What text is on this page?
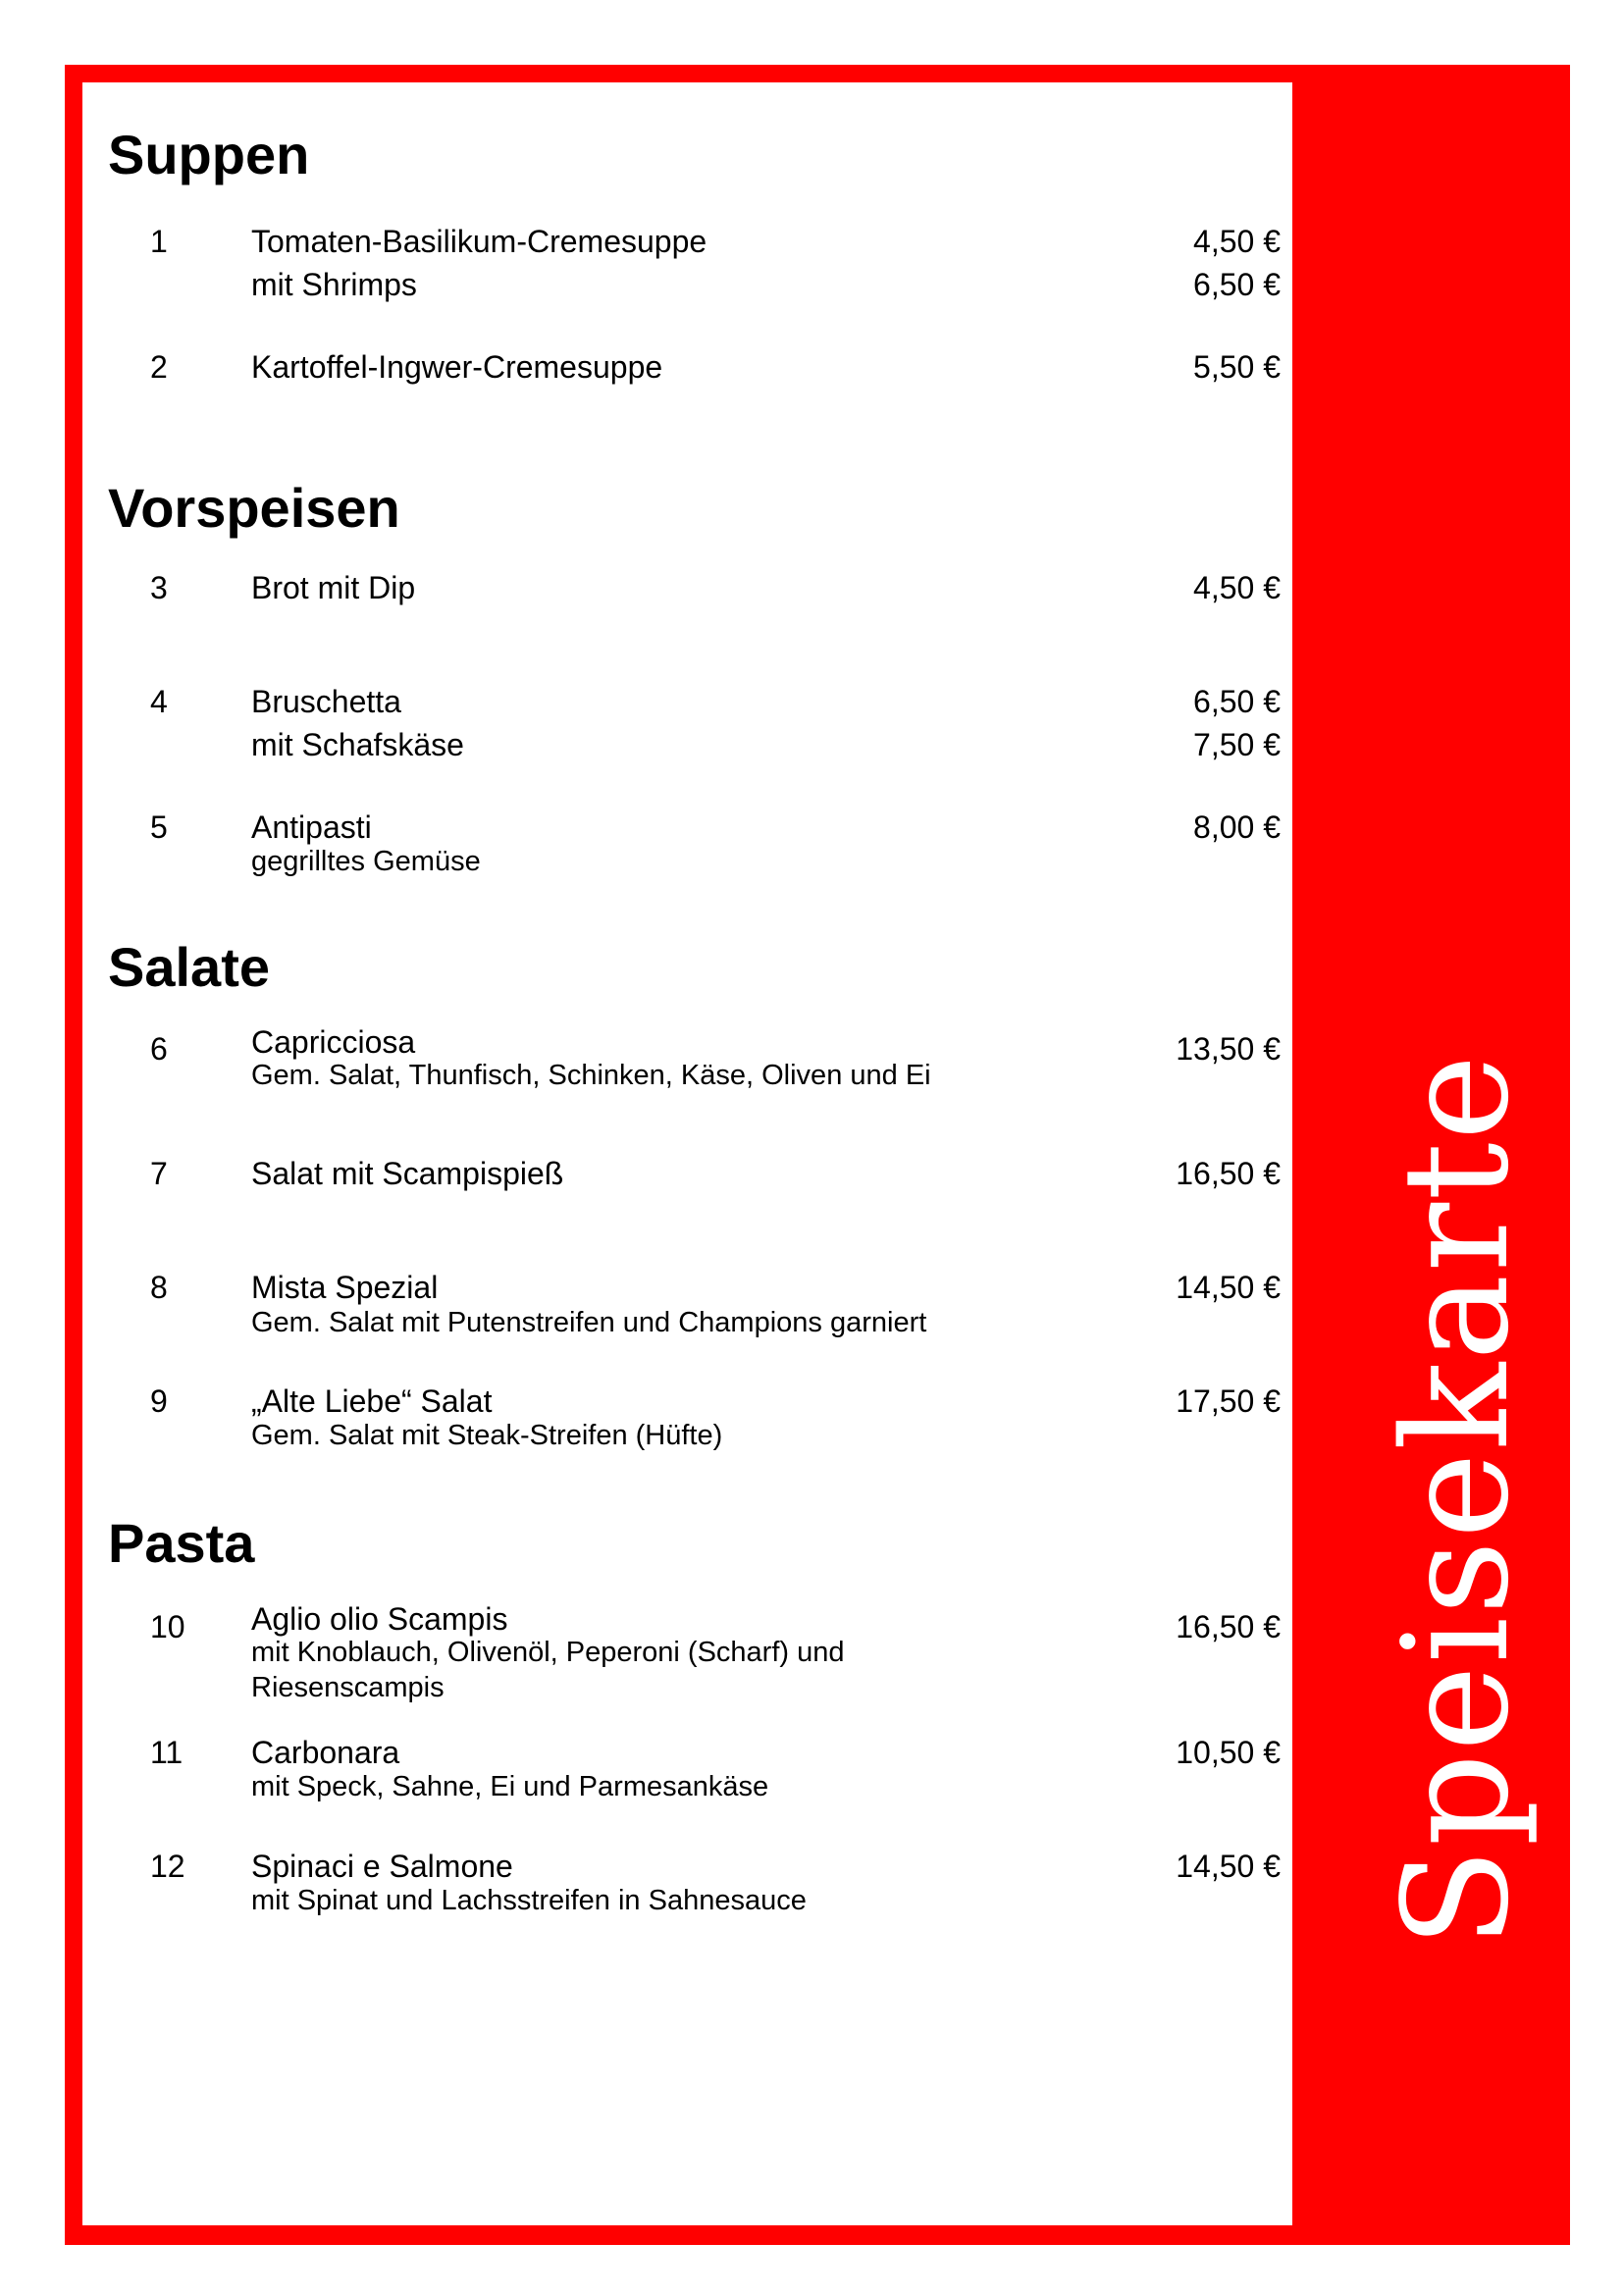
Speisekarte
Suppen
1	Tomaten-Basilikum-Cremesuppe	4,50 €
mit Shrimps	6,50 €
2	Kartoffel-Ingwer-Cremesuppe	5,50 €
Vorspeisen
3	Brot mit Dip	4,50 €
4	Bruschetta	6,50 €
mit Schafskäse	7,50 €
5	Antipasti	8,00 €
gegrilltes Gemüse
Salate
6	Capricciosa	13,50 €
Gem. Salat, Thunfisch, Schinken, Käse, Oliven und Ei
7	Salat mit Scampispieß	16,50 €
8	Mista Spezial	14,50 €
Gem. Salat mit Putenstreifen und Champions garniert
9	„Alte Liebe“ Salat	17,50 €
Gem. Salat mit Steak-Streifen (Hüfte)
Pasta
10 Aglio olio Scampis	16,50 €
mit Knoblauch, Olivenöl, Peperoni (Scharf) und Riesenscampis
11 Carbonara	10,50 €
mit Speck, Sahne, Ei und Parmesankäse
12 Spinaci e Salmone	14,50 €
mit Spinat und Lachsstreifen in Sahnesauce
